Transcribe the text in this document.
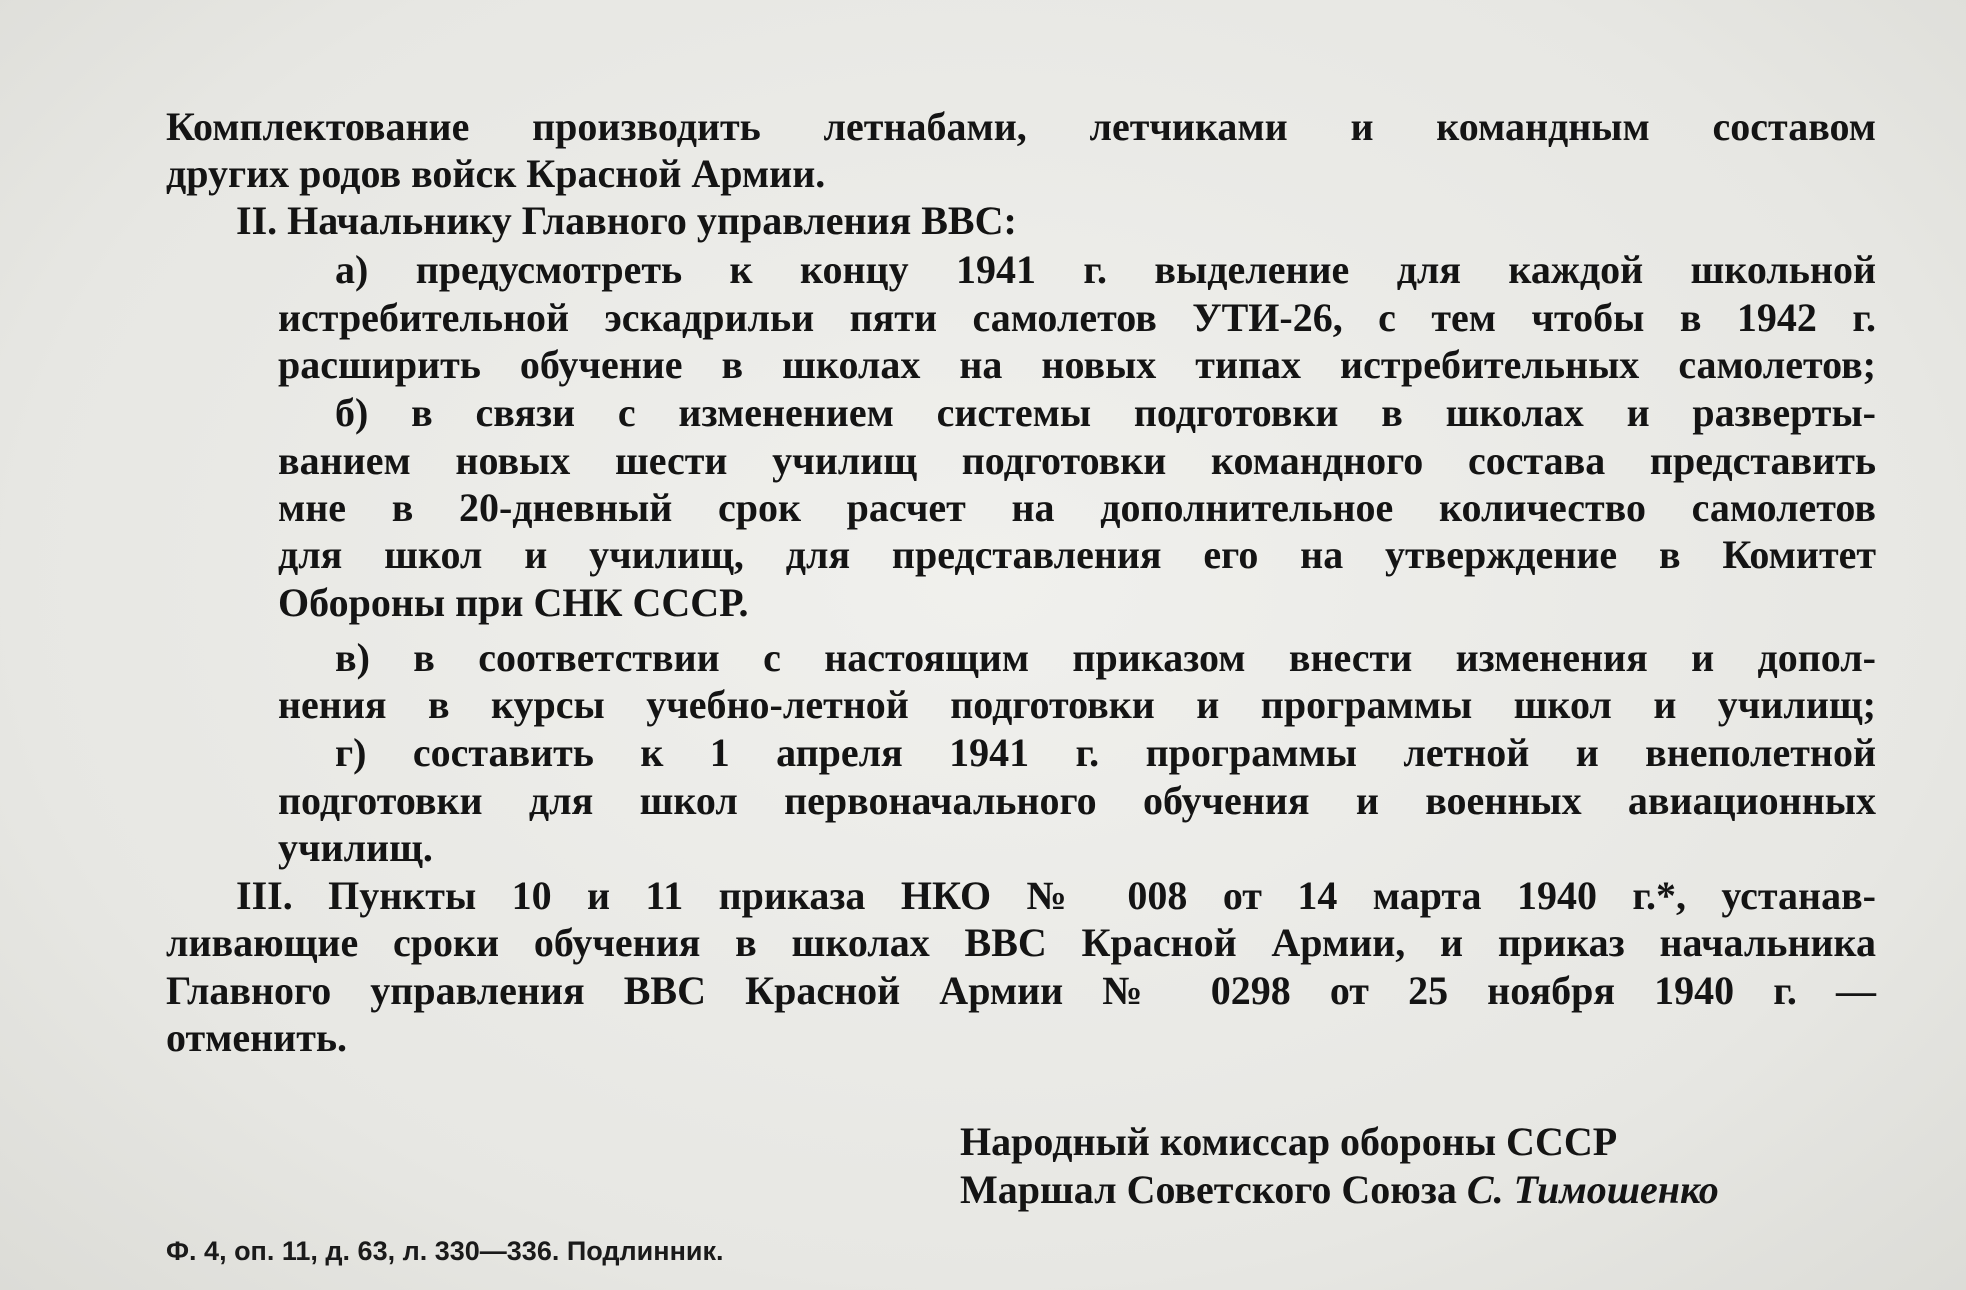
Комплектование производить летнабами, летчиками и командным составом
других родов войск Красной Армии.
II. Начальнику Главного управления ВВС:
а) предусмотреть к концу 1941 г. выделение для каждой школьной
истребительной эскадрильи пяти самолетов УТИ-26, с тем чтобы в 1942 г.
расширить обучение в школах на новых типах истребительных самолетов;
б) в связи с изменением системы подготовки в школах и разверты-
ванием новых шести училищ подготовки командного состава представить
мне в 20-дневный срок расчет на дополнительное количество самолетов
для школ и училищ, для представления его на утверждение в Комитет
Обороны при СНК СССР.
в) в соответствии с настоящим приказом внести изменения и допол-
нения в курсы учебно-летной подготовки и программы школ и училищ;
г) составить к 1 апреля 1941 г. программы летной и внеполетной
подготовки для школ первоначального обучения и военных авиационных
училищ.
III. Пункты 10 и 11 приказа НКО № 008 от 14 марта 1940 г.*, устанав-
ливающие сроки обучения в школах ВВС Красной Армии, и приказ начальника
Главного управления ВВС Красной Армии № 0298 от 25 ноября 1940 г. —
отменить.
Народный комиссар обороны СССР
Маршал Советского Союза С. Тимошенко
Ф. 4, оп. 11, д. 63, л. 330—336. Подлинник.
